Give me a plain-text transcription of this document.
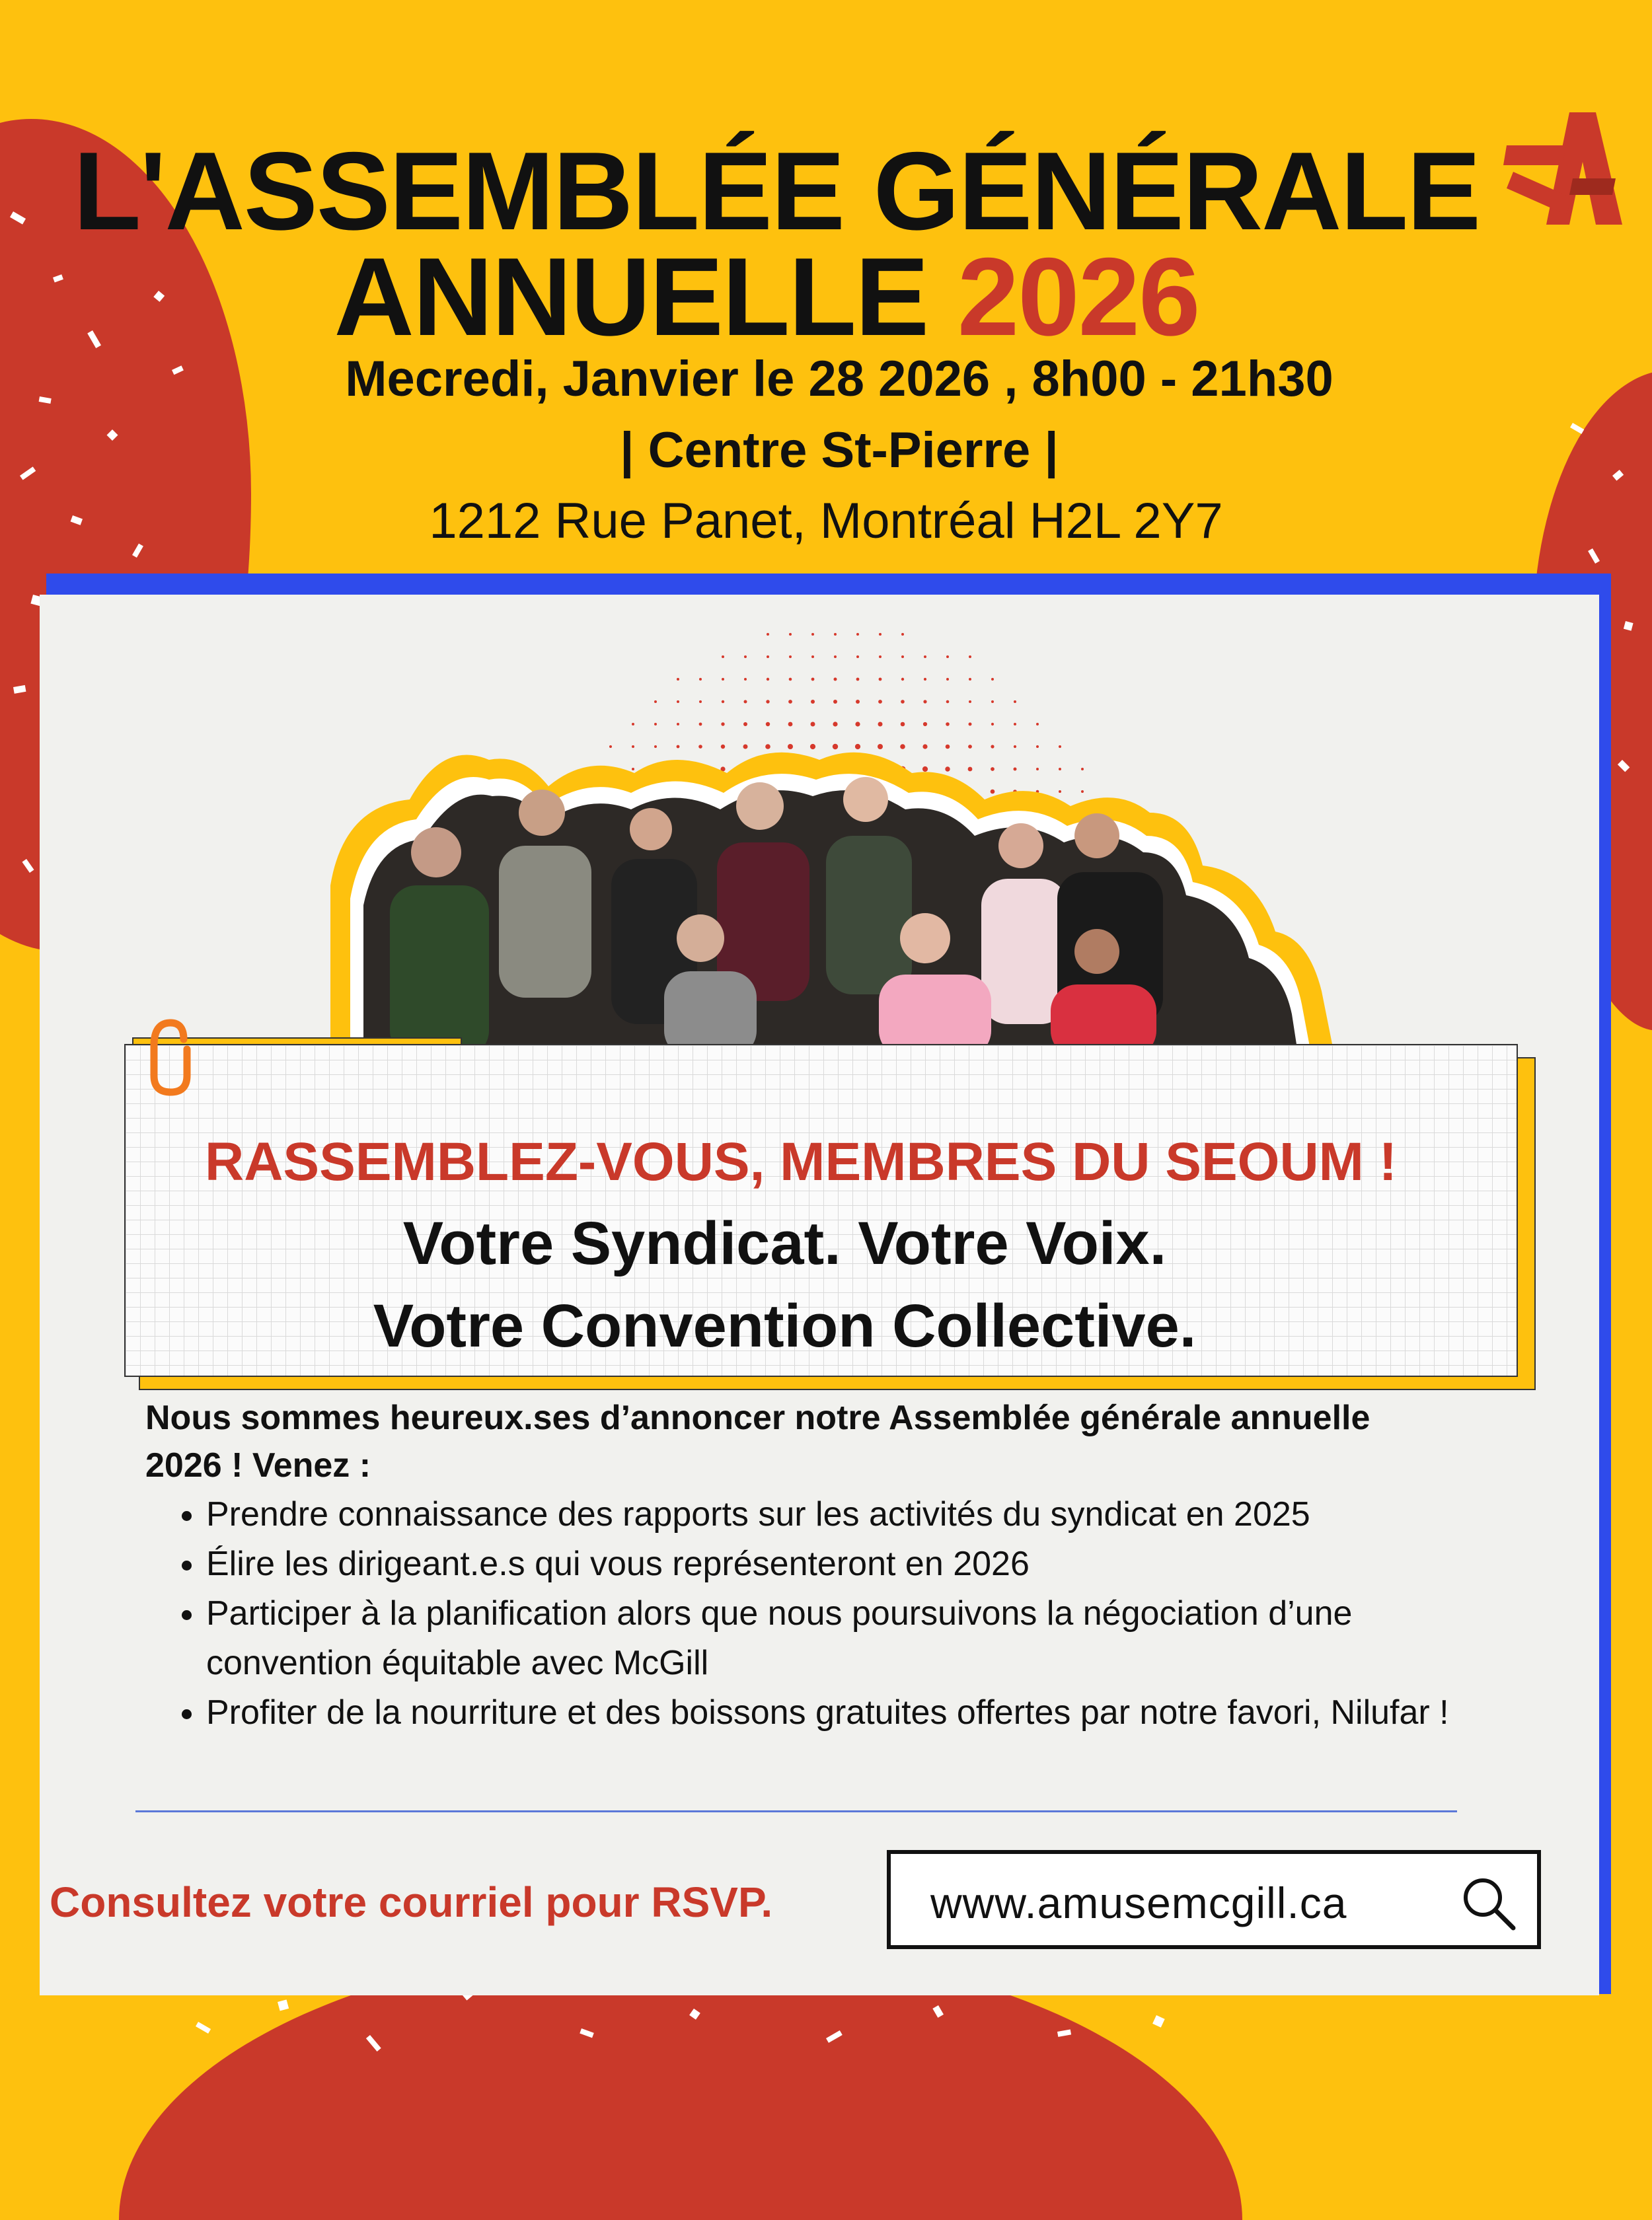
L'ASSEMBLÉE GÉNÉRALE
ANNUELLE 2026

Mecredi, Janvier le 28 2026 , 8h00 - 21h30

| Centre St-Pierre |

1212 Rue Panet, Montréal H2L 2Y7

RASSEMBLEZ-VOUS, MEMBRES DU SEOUM !

Votre Syndicat. Votre Voix.

Votre Convention Collective.

Nous sommes heureux.ses d’annoncer notre Assemblée générale annuelle 2026 ! Venez :

• Prendre connaissance des rapports sur les activités du syndicat en 2025
• Élire les dirigeant.e.s qui vous représenteront en 2026
• Participer à la planification alors que nous poursuivons la négociation d’une convention équitable avec McGill
• Profiter de la nourriture et des boissons gratuites offertes par notre favori, Nilufar !

Consultez votre courriel pour RSVP.	www.amusemcgill.ca
